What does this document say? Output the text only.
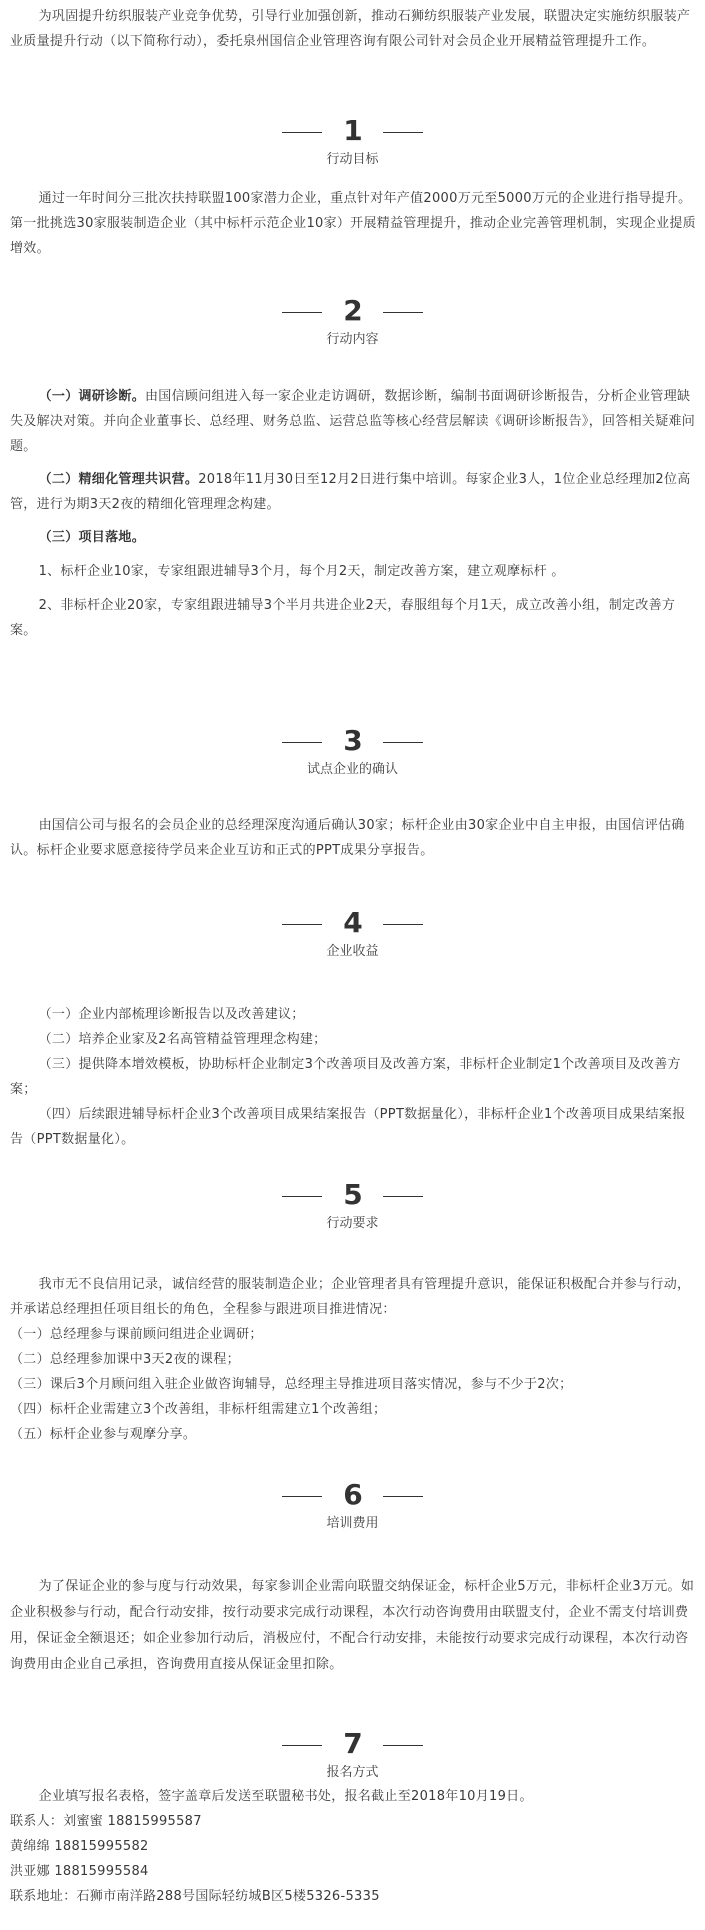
为巩固提升纺织服装产业竞争优势，引导行业加强创新，推动石狮纺织服装产业发展，联盟决定实施纺织服装产业质量提升行动（以下简称行动），委托泉州国信企业管理咨询有限公司针对会员企业开展精益管理提升工作。

1
行动目标

通过一年时间分三批次扶持联盟100家潜力企业，重点针对年产值2000万元至5000万元的企业进行指导提升。第一批挑选30家服装制造企业（其中标杆示范企业10家）开展精益管理提升，推动企业完善管理机制，实现企业提质增效。

2
行动内容

（一）调研诊断。由国信顾问组进入每一家企业走访调研，数据诊断，编制书面调研诊断报告，分析企业管理缺失及解决对策。并向企业董事长、总经理、财务总监、运营总监等核心经营层解读《调研诊断报告》，回答相关疑难问题。

（二）精细化管理共识营。2018年11月30日至12月2日进行集中培训。每家企业3人，1位企业总经理加2位高管，进行为期3天2夜的精细化管理理念构建。

（三）项目落地。

1、标杆企业10家，专家组跟进辅导3个月，每个月2天，制定改善方案，建立观摩标杆 。

2、非标杆企业20家，专家组跟进辅导3个半月共进企业2天，春服组每个月1天，成立改善小组，制定改善方案。

3
试点企业的确认

由国信公司与报名的会员企业的总经理深度沟通后确认30家；标杆企业由30家企业中自主申报，由国信评估确认。标杆企业要求愿意接待学员来企业互访和正式的PPT成果分享报告。

4
企业收益

（一）企业内部梳理诊断报告以及改善建议；

（二）培养企业家及2名高管精益管理理念构建；

（三）提供降本增效模板，协助标杆企业制定3个改善项目及改善方案，非标杆企业制定1个改善项目及改善方案；

（四）后续跟进辅导标杆企业3个改善项目成果结案报告（PPT数据量化），非标杆企业1个改善项目成果结案报告（PPT数据量化）。

5
行动要求

我市无不良信用记录，诚信经营的服装制造企业；企业管理者具有管理提升意识，能保证积极配合并参与行动，并承诺总经理担任项目组长的角色，全程参与跟进项目推进情况：

（一）总经理参与课前顾问组进企业调研；

（二）总经理参加课中3天2夜的课程；

（三）课后3个月顾问组入驻企业做咨询辅导，总经理主导推进项目落实情况，参与不少于2次；

（四）标杆企业需建立3个改善组，非标杆组需建立1个改善组；

（五）标杆企业参与观摩分享。

6
培训费用

为了保证企业的参与度与行动效果，每家参训企业需向联盟交纳保证金，标杆企业5万元，非标杆企业3万元。如企业积极参与行动，配合行动安排，按行动要求完成行动课程，本次行动咨询费用由联盟支付，企业不需支付培训费用，保证金全额退还；如企业参加行动后，消极应付，不配合行动安排，未能按行动要求完成行动课程，本次行动咨询费用由企业自己承担，咨询费用直接从保证金里扣除。

7
报名方式

企业填写报名表格，签字盖章后发送至联盟秘书处，报名截止至2018年10月19日。

联系人：刘蜜蜜 18815995587

黄绵绵 18815995582

洪亚娜 18815995584

联系地址：石狮市南洋路288号国际轻纺城B区5楼5326-5335
